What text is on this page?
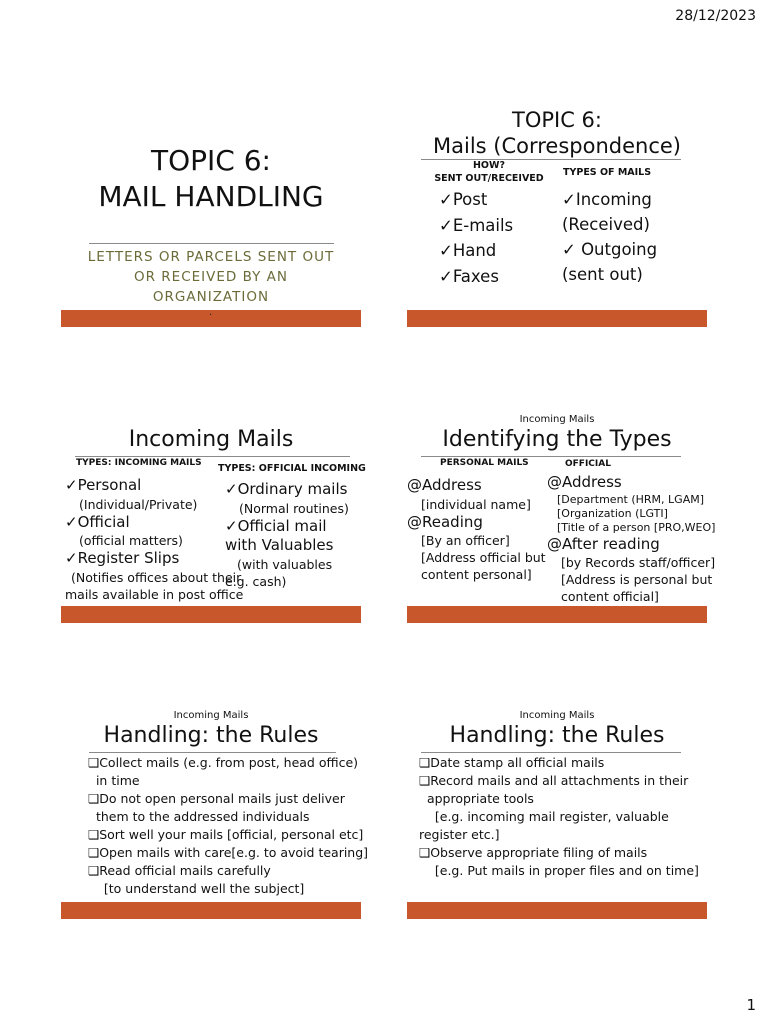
28/12/2023
1
TOPIC 6:
MAIL HANDLING
LETTERS OR PARCELS SENT OUT
OR RECEIVED BY AN
ORGANIZATION
.
TOPIC 6:
Mails (Correspondence)
HOW?
SENT OUT/RECEIVED
TYPES OF MAILS
✓Post
✓E-mails
✓Hand
✓Faxes
✓Incoming
(Received)
✓ Outgoing
(sent out)
Incoming Mails
TYPES: INCOMING MAILS TYPES: OFFICIAL INCOMING
✓Personal
(Individual/Private)
✓Official
(official matters)
✓Register Slips
(Notifies offices about their
mails available in post office
✓Ordinary mails
(Normal routines)
✓Official mail
with Valuables
(with valuables
e.g. cash)
Incoming Mails
Identifying the Types
PERSONAL MAILS	OFFICIAL
@Address
[individual name]
@Reading
[By an officer]
[Address official but
content personal]
@Address
[Department (HRM, LGAM]
[Organization (LGTI]
[Title of a person [PRO,WEO]
@After reading
[by Records staff/officer]
[Address is personal but
content official]
Incoming Mails
Handling: the Rules
❑Collect mails (e.g. from post, head office)
in time
❑Do not open personal mails just deliver
them to the addressed individuals
❑Sort well your mails [official, personal etc]
❑Open mails with care[e.g. to avoid tearing]
❑Read official mails carefully
[to understand well the subject]
Incoming Mails
Handling: the Rules
❑Date stamp all official mails
❑Record mails and all attachments in their
appropriate tools
[e.g. incoming mail register, valuable
register etc.]
❑Observe appropriate filing of mails
[e.g. Put mails in proper files and on time]
